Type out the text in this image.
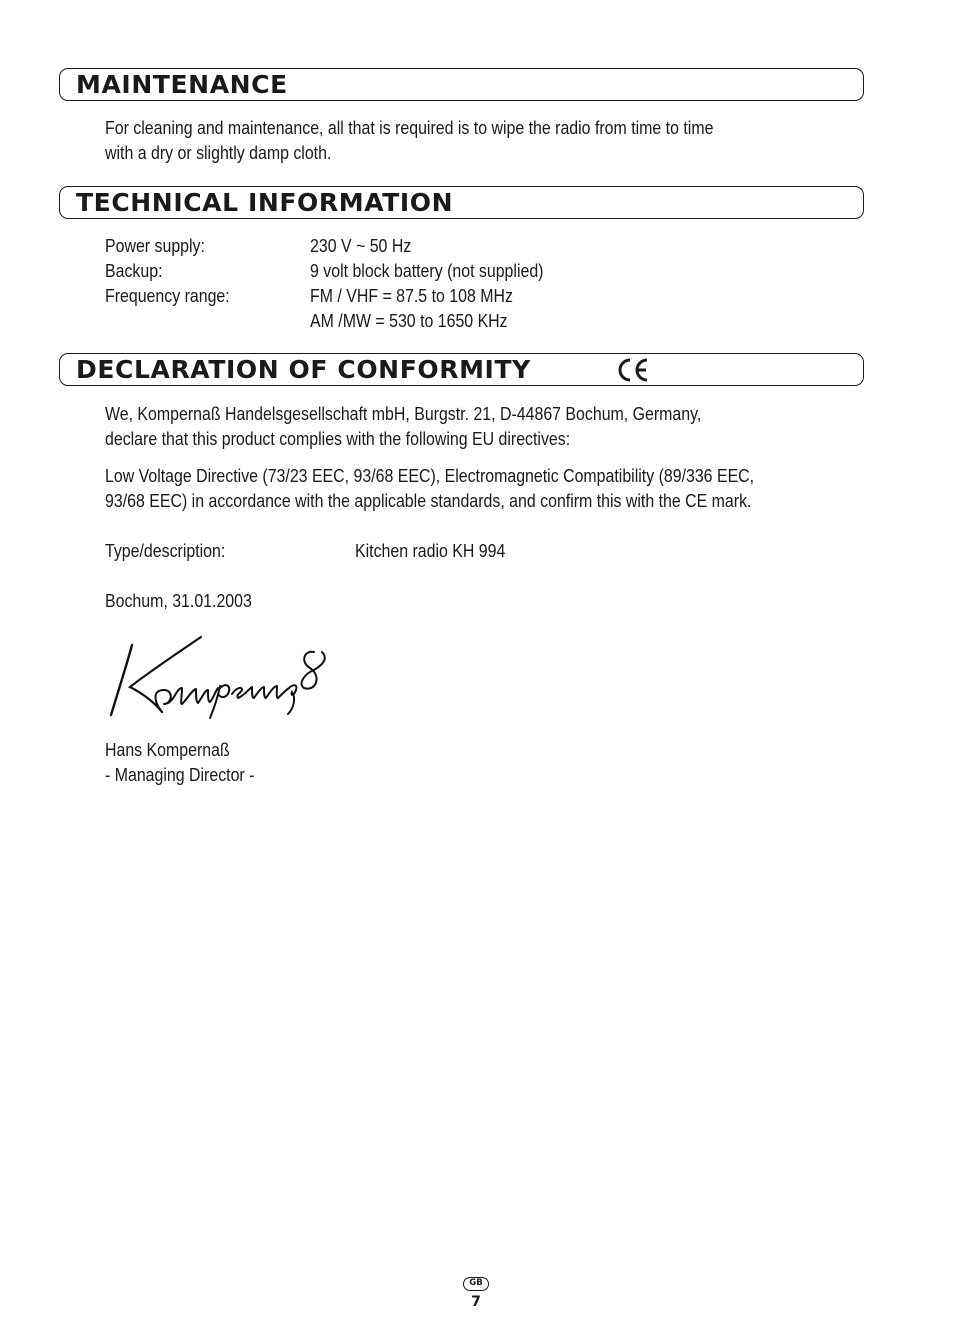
MAINTENANCE
For cleaning and maintenance, all that is required is to wipe the radio from time to time
with a dry or slightly damp cloth.
TECHNICAL INFORMATION
Power supply:	230 V ~ 50 Hz
Backup:	9 volt block battery (not supplied)
Frequency range:	FM / VHF = 87.5 to 108 MHz
AM /MW = 530 to 1650 KHz
DECLARATION OF CONFORMITY
We, Kompernaß Handelsgesellschaft mbH, Burgstr. 21, D-44867 Bochum, Germany,
declare that this product complies with the following EU directives:
Low Voltage Directive (73/23 EEC, 93/68 EEC), Electromagnetic Compatibility (89/336 EEC,
93/68 EEC) in accordance with the applicable standards, and confirm this with the CE mark.
Type/description:	Kitchen radio KH 994
Bochum, 31.01.2003
Hans Kompernaß
- Managing Director -
GB
7
